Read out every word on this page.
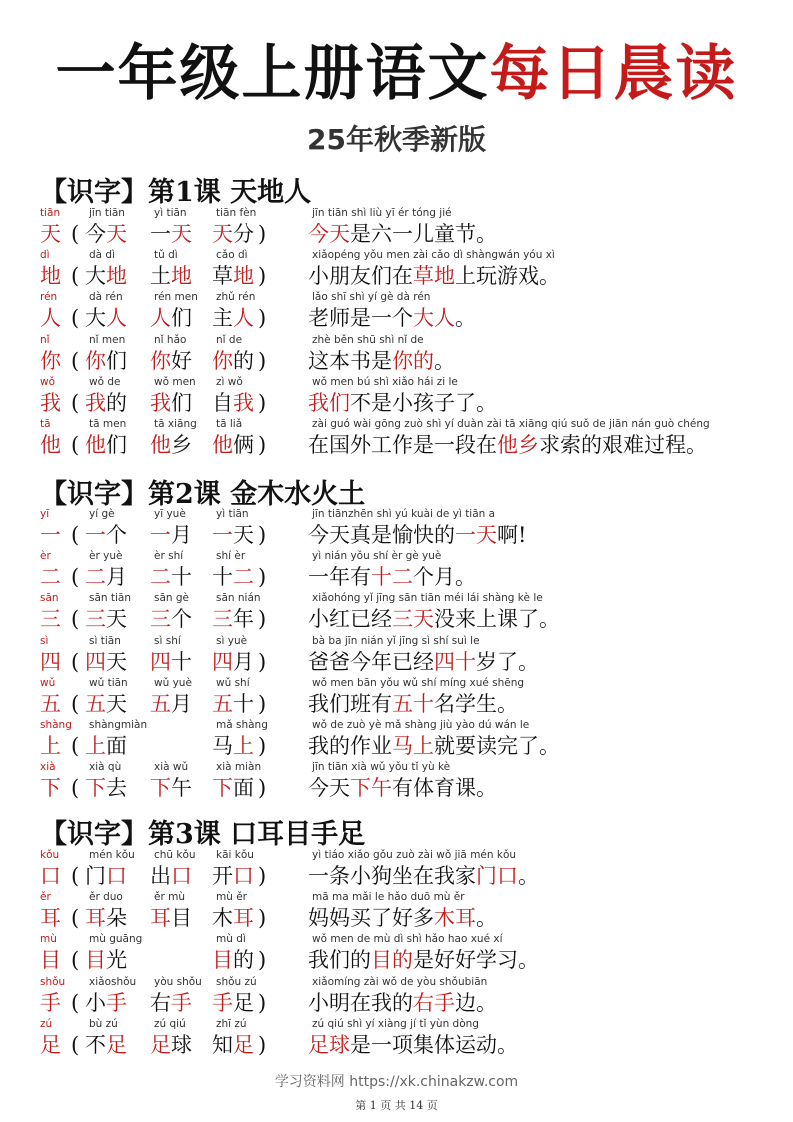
一年级上册语文每日晨读
25年秋季新版
【识字】第1课 天地人
tiān
天 (
jīn tiān
今天
yì tiān
一天
tiān fèn
天分 )
jīn tiān shì liù yī ér tóng jié
今天是六一儿童节。
dì
地 (
dà dì
大地
tǔ dì
土地
cǎo dì
草地 )
xiǎopéng yǒu men zài cǎo dì shàngwán yóu xì
小朋友们在草地上玩游戏。
rén
人 (
dà rén
大人
rén men
人们
zhǔ rén
主人 )
lǎo shī shì yí gè dà rén
老师是一个大人。
nǐ
你 (
nǐ men
你们
nǐ hǎo
你好
nǐ de
你的 )
zhè běn shū shì nǐ de
这本书是你的。
wǒ
我 (
wǒ de
我的
wǒ men
我们
zì wǒ
自我 )
wǒ men bú shì xiǎo hái zi le
我们不是小孩子了。
tā
他 (
tā men
他们
tā xiāng
他乡
tā liǎ
他俩 )
zài guó wài gōng zuò shì yí duàn zài tā xiāng qiú suǒ de jiān nán guò chéng
在国外工作是一段在他乡求索的艰难过程。
【识字】第2课 金木水火土
yī
一 (
yí gè
一个
yī yuè
一月
yì tiān
一天 )
jīn tiānzhēn shì yú kuài de yì tiān a
今天真是愉快的一天啊!
èr
二 (
èr yuè
二月
èr shí
二十
shí èr
十二 )
yì nián yǒu shí èr gè yuè
一年有十二个月。
sān
三 (
sān tiān
三天
sān gè
三个
sān nián
三年 )
xiǎohóng yǐ jīng sān tiān méi lái shàng kè le
小红已经三天没来上课了。
sì
四 (
sì tiān
四天
sì shí
四十
sì yuè
四月 )
bà ba jīn nián yǐ jīng sì shí suì le
爸爸今年已经四十岁了。
wǔ
五 (
wǔ tiān
五天
wǔ yuè
五月
wǔ shí
五十 )
wǒ men bān yǒu wǔ shí míng xué shēng
我们班有五十名学生。
shàng
上 (
shàngmiàn
上面
mǎ shàng
马上 )
wǒ de zuò yè mǎ shàng jiù yào dú wán le
我的作业马上就要读完了。
xià
下 (
xià qù
下去
xià wǔ
下午
xià miàn
下面 )
jīn tiān xià wǔ yǒu tǐ yù kè
今天下午有体育课。
【识字】第3课 口耳目手足
kǒu
口 (
mén kǒu
门口
chū kǒu
出口
kāi kǒu
开口 )
yì tiáo xiǎo gǒu zuò zài wǒ jiā mén kǒu
一条小狗坐在我家门口。
ěr
耳 (
ěr duo
耳朵
ěr mù
耳目
mù ěr
木耳 )
mā ma mǎi le hǎo duō mù ěr
妈妈买了好多木耳。
mù
目 (
mù guāng
目光
mù dì
目的 )
wǒ men de mù dì shì hǎo hao xué xí
我们的目的是好好学习。
shǒu
手 (
xiǎoshǒu
小手
yòu shǒu
右手
shǒu zú
手足 )
xiǎomíng zài wǒ de yòu shǒubiān
小明在我的右手边。
zú
足 (
bù zú
不足
zú qiú
足球
zhī zú
知足 )
zú qiú shì yí xiàng jí tǐ yùn dòng
足球是一项集体运动。
学习资料网 https://xk.chinakzw.com
第 1 页 共 14 页
